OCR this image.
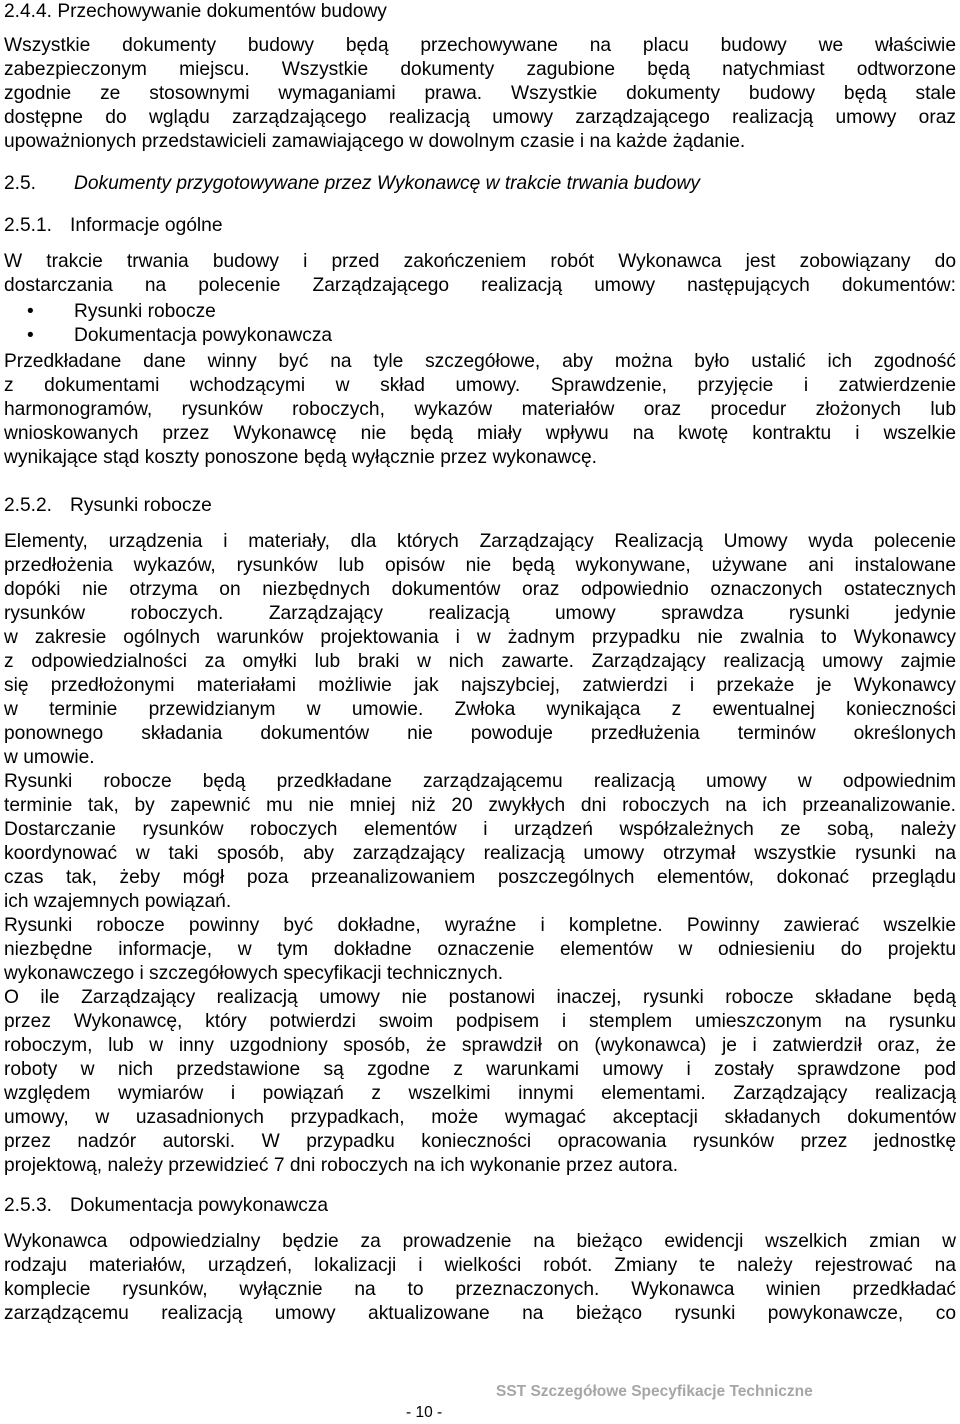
2.4.4. Przechowywanie dokumentów budowy
Wszystkie dokumenty budowy będą przechowywane na placu budowy we właściwie
zabezpieczonym miejscu. Wszystkie dokumenty zagubione będą natychmiast odtworzone
zgodnie ze stosownymi wymaganiami prawa. Wszystkie dokumenty budowy będą stale
dostępne do wglądu zarządzającego realizacją umowy zarządzającego realizacją umowy oraz
upoważnionych przedstawicieli zamawiającego w dowolnym czasie i na każde żądanie.
2.5. Dokumenty przygotowywane przez Wykonawcę w trakcie trwania budowy
2.5.1. Informacje ogólne
W trakcie trwania budowy i przed zakończeniem robót Wykonawca jest zobowiązany do
dostarczania na polecenie Zarządzającego realizacją umowy następujących dokumentów:
• Rysunki robocze
• Dokumentacja powykonawcza
Przedkładane dane winny być na tyle szczegółowe, aby można było ustalić ich zgodność
z dokumentami wchodzącymi w skład umowy. Sprawdzenie, przyjęcie i zatwierdzenie
harmonogramów, rysunków roboczych, wykazów materiałów oraz procedur złożonych lub
wnioskowanych przez Wykonawcę nie będą miały wpływu na kwotę kontraktu i wszelkie
wynikające stąd koszty ponoszone będą wyłącznie przez wykonawcę.
2.5.2. Rysunki robocze
Elementy, urządzenia i materiały, dla których Zarządzający Realizacją Umowy wyda polecenie
przedłożenia wykazów, rysunków lub opisów nie będą wykonywane, używane ani instalowane
dopóki nie otrzyma on niezbędnych dokumentów oraz odpowiednio oznaczonych ostatecznych
rysunków roboczych. Zarządzający realizacją umowy sprawdza rysunki jedynie
w zakresie ogólnych warunków projektowania i w żadnym przypadku nie zwalnia to Wykonawcy
z odpowiedzialności za omyłki lub braki w nich zawarte. Zarządzający realizacją umowy zajmie
się przedłożonymi materiałami możliwie jak najszybciej, zatwierdzi i przekaże je Wykonawcy
w terminie przewidzianym w umowie. Zwłoka wynikająca z ewentualnej konieczności
ponownego składania dokumentów nie powoduje przedłużenia terminów określonych
w umowie.
Rysunki robocze będą przedkładane zarządzającemu realizacją umowy w odpowiednim
terminie tak, by zapewnić mu nie mniej niż 20 zwykłych dni roboczych na ich przeanalizowanie.
Dostarczanie rysunków roboczych elementów i urządzeń współzależnych ze sobą, należy
koordynować w taki sposób, aby zarządzający realizacją umowy otrzymał wszystkie rysunki na
czas tak, żeby mógł poza przeanalizowaniem poszczególnych elementów, dokonać przeglądu
ich wzajemnych powiązań.
Rysunki robocze powinny być dokładne, wyraźne i kompletne. Powinny zawierać wszelkie
niezbędne informacje, w tym dokładne oznaczenie elementów w odniesieniu do projektu
wykonawczego i szczegółowych specyfikacji technicznych.
O ile Zarządzający realizacją umowy nie postanowi inaczej, rysunki robocze składane będą
przez Wykonawcę, który potwierdzi swoim podpisem i stemplem umieszczonym na rysunku
roboczym, lub w inny uzgodniony sposób, że sprawdził on (wykonawca) je i zatwierdził oraz, że
roboty w nich przedstawione są zgodne z warunkami umowy i zostały sprawdzone pod
względem wymiarów i powiązań z wszelkimi innymi elementami. Zarządzający realizacją
umowy, w uzasadnionych przypadkach, może wymagać akceptacji składanych dokumentów
przez nadzór autorski. W przypadku konieczności opracowania rysunków przez jednostkę
projektową, należy przewidzieć 7 dni roboczych na ich wykonanie przez autora.
2.5.3. Dokumentacja powykonawcza
Wykonawca odpowiedzialny będzie za prowadzenie na bieżąco ewidencji wszelkich zmian w
rodzaju materiałów, urządzeń, lokalizacji i wielkości robót. Zmiany te należy rejestrować na
komplecie rysunków, wyłącznie na to przeznaczonych. Wykonawca winien przedkładać
zarządzącemu realizacją umowy aktualizowane na bieżąco rysunki powykonawcze, co
SST Szczegółowe Specyfikacje Techniczne
- 10 -
